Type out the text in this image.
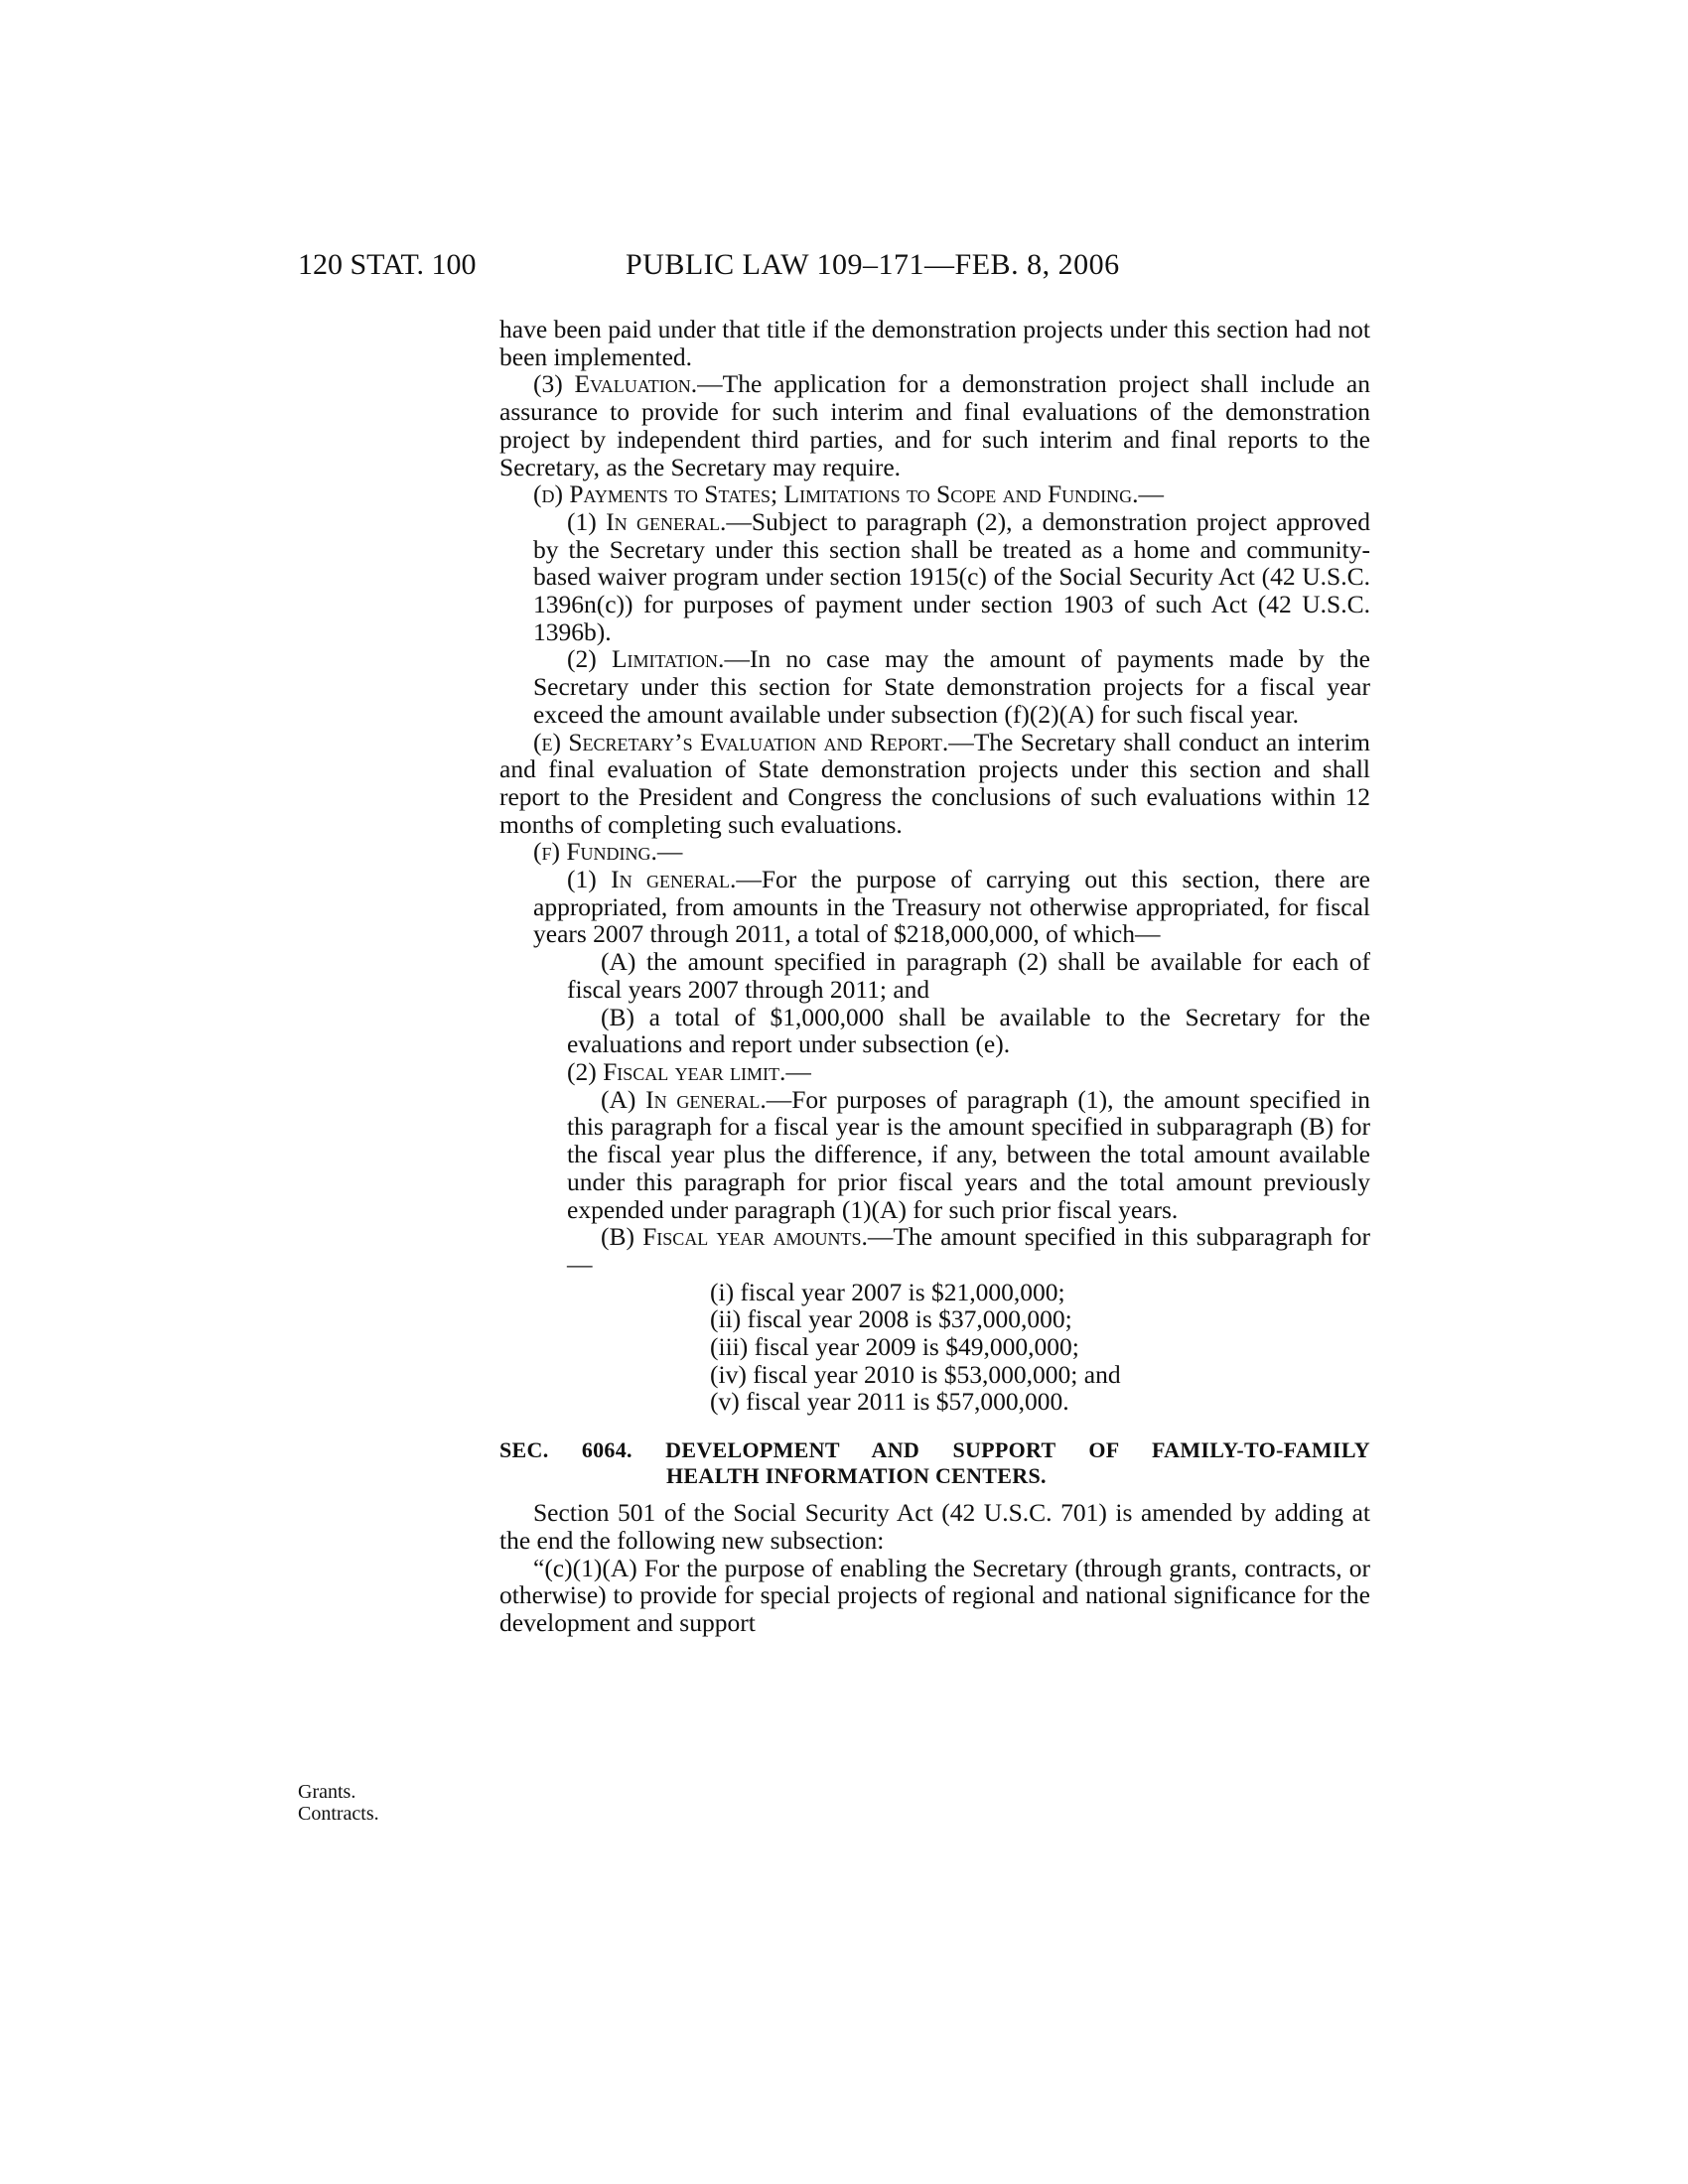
120 STAT. 100	PUBLIC LAW 109–171—FEB. 8, 2006
Grants.
Contracts.

have been paid under that title if the demonstration projects under this section had not been implemented.

(3) Evaluation.—The application for a demonstration project shall include an assurance to provide for such interim and final evaluations of the demonstration project by independent third parties, and for such interim and final reports to the Secretary, as the Secretary may require.

(d) Payments to States; Limitations to Scope and Funding.—

(1) In general.—Subject to paragraph (2), a demonstration project approved by the Secretary under this section shall be treated as a home and community-based waiver program under section 1915(c) of the Social Security Act (42 U.S.C. 1396n(c)) for purposes of payment under section 1903 of such Act (42 U.S.C. 1396b).

(2) Limitation.—In no case may the amount of payments made by the Secretary under this section for State demonstration projects for a fiscal year exceed the amount available under subsection (f)(2)(A) for such fiscal year.

(e) Secretary’s Evaluation and Report.—The Secretary shall conduct an interim and final evaluation of State demonstration projects under this section and shall report to the President and Congress the conclusions of such evaluations within 12 months of completing such evaluations.

(f) Funding.—

(1) In general.—For the purpose of carrying out this section, there are appropriated, from amounts in the Treasury not otherwise appropriated, for fiscal years 2007 through 2011, a total of $218,000,000, of which—

(A) the amount specified in paragraph (2) shall be available for each of fiscal years 2007 through 2011; and

(B) a total of $1,000,000 shall be available to the Secretary for the evaluations and report under subsection (e).

(2) Fiscal year limit.—

(A) In general.—For purposes of paragraph (1), the amount specified in this paragraph for a fiscal year is the amount specified in subparagraph (B) for the fiscal year plus the difference, if any, between the total amount available under this paragraph for prior fiscal years and the total amount previously expended under paragraph (1)(A) for such prior fiscal years.

(B) Fiscal year amounts.—The amount specified in this subparagraph for—

(i) fiscal year 2007 is $21,000,000;

(ii) fiscal year 2008 is $37,000,000;

(iii) fiscal year 2009 is $49,000,000;

(iv) fiscal year 2010 is $53,000,000; and

(v) fiscal year 2011 is $57,000,000.

SEC. 6064. DEVELOPMENT AND SUPPORT OF FAMILY-TO-FAMILY
HEALTH INFORMATION CENTERS.

Section 501 of the Social Security Act (42 U.S.C. 701) is amended by adding at the end the following new subsection:

“(c)(1)(A) For the purpose of enabling the Secretary (through grants, contracts, or otherwise) to provide for special projects of regional and national significance for the development and support
